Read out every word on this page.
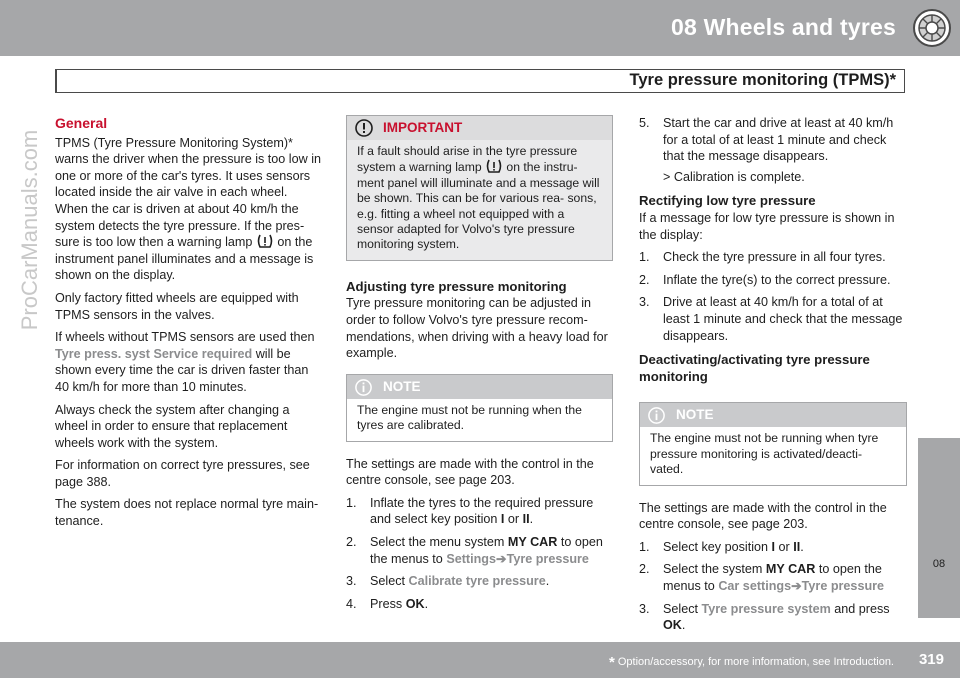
08 Wheels and tyres
Tyre pressure monitoring (TPMS)*
ProCarManuals.com
General

TPMS (Tyre Pressure Monitoring System)* warns the driver when the pressure is too low in one or more of the car's tyres. It uses sensors located inside the air valve in each wheel. When the car is driven at about 40 km/h the system detects the tyre pressure. If the pres- sure is too low then a warning lamp on the instrument panel illuminates and a message is shown on the display.

Only factory fitted wheels are equipped with TPMS sensors in the valves.

If wheels without TPMS sensors are used then Tyre press. syst Service required will be shown every time the car is driven faster than 40 km/h for more than 10 minutes.

Always check the system after changing a wheel in order to ensure that replacement wheels work with the system.

For information on correct tyre pressures, see page 388.

The system does not replace normal tyre main- tenance.

IMPORTANT
If a fault should arise in the tyre pressure system a warning lamp on the instru- ment panel will illuminate and a message will be shown. This can be for various rea- sons, e.g. fitting a wheel not equipped with a sensor adapted for Volvo's tyre pressure monitoring system.
Adjusting tyre pressure monitoring

Tyre pressure monitoring can be adjusted in order to follow Volvo's tyre pressure recom- mendations, when driving with a heavy load for example.

NOTE
The engine must not be running when the tyres are calibrated.

The settings are made with the control in the centre console, see page 203.

1. Inflate the tyres to the required pressure and select key position I or II.
2. Select the menu system MY CAR to open the menus to Settings➔Tyre pressure
3. Select Calibrate tyre pressure.
4. Press OK.
5. Start the car and drive at least at 40 km/h for a total of at least 1 minute and check that the message disappears.
> Calibration is complete.
Rectifying low tyre pressure

If a message for low tyre pressure is shown in the display:

1. Check the tyre pressure in all four tyres.
2. Inflate the tyre(s) to the correct pressure.
3. Drive at least at 40 km/h for a total of at least 1 minute and check that the message disappears.
Deactivating/activating tyre pressure monitoring
NOTE
The engine must not be running when tyre pressure monitoring is activated/deacti- vated.

The settings are made with the control in the centre console, see page 203.

1. Select key position I or II.
2. Select the system MY CAR to open the menus to Car settings➔Tyre pressure
3. Select Tyre pressure system and press OK.
08
* Option/accessory, for more information, see Introduction. 319
